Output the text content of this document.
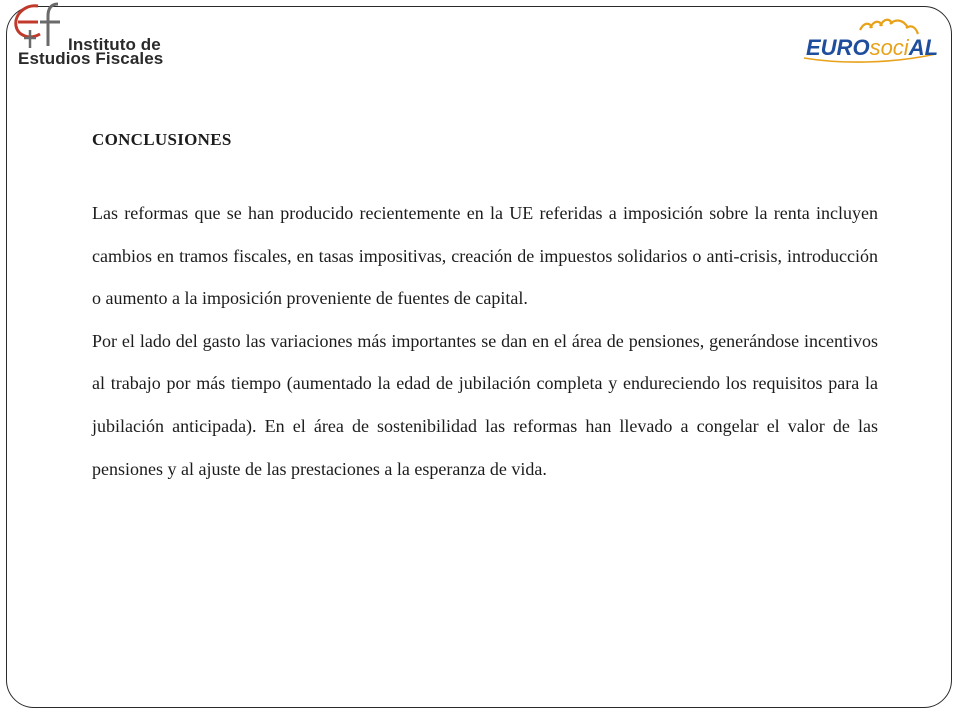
Instituto de
Estudios Fiscales	EUROsociAL
CONCLUSIONES

Las reformas que se han producido recientemente en la UE referidas a imposición sobre la renta incluyen cambios en tramos fiscales, en tasas impositivas, creación de impuestos solidarios o anti-crisis, introducción o aumento a la imposición proveniente de fuentes de capital.

Por el lado del gasto las variaciones más importantes se dan en el área de pensiones, generándose incentivos al trabajo por más tiempo (aumentado la edad de jubilación completa y endureciendo los requisitos para la jubilación anticipada). En el área de sostenibilidad las reformas han llevado a congelar el valor de las pensiones y al ajuste de las prestaciones a la esperanza de vida.
